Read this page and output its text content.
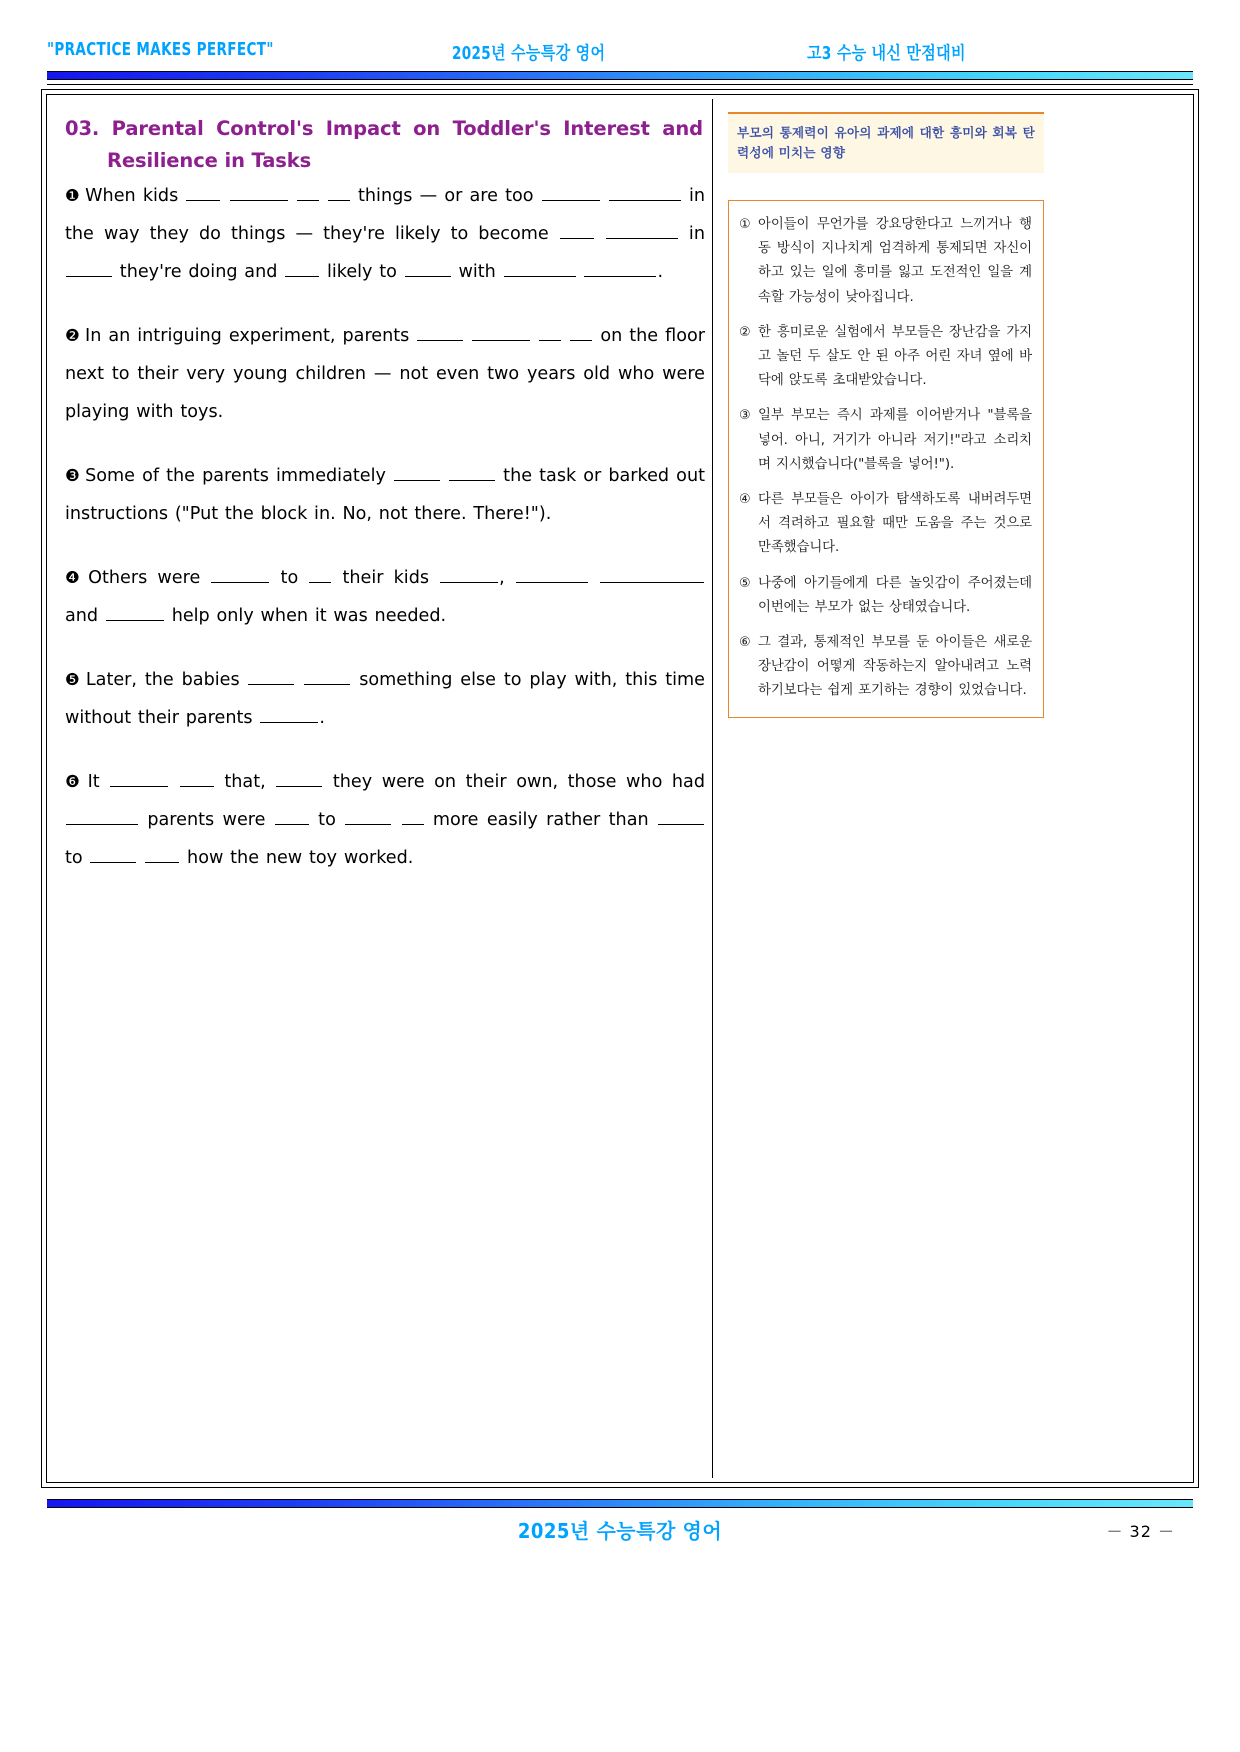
"PRACTICE MAKES PERFECT"	2025년 수능특강 영어	고3 수능 내신 만점대비
03. Parental Control's Impact on Toddler's Interest and
Resilience in Tasks
❶ When kids	things — or are too	in the way they do things — they're likely to become	in  they're doing and  likely to	with	.
❷ In an intriguing experiment, parents	on the floor next to their very young children — not even two years old who were playing with toys.
❸ Some of the parents immediately	the task or barked out instructions ("Put the block in. No, not there. There!").
❹ Others were	to  their kids	,   and	help only when it was needed.
❺ Later, the babies	something else to play with, this time without their parents	.
❻ It	that,	they were on their own, those who had  parents were  to	more easily rather than  to	how the new toy worked.
부모의 통제력이 유아의 과제에 대한 흥미와 회복 탄력성에 미치는 영향
① 아이들이 무언가를 강요당한다고 느끼거나 행동 방식이 지나치게 엄격하게 통제되면 자신이 하고 있는 일에 흥미를 잃고 도전적인 일을 계속할 가능성이 낮아집니다.
② 한 흥미로운 실험에서 부모들은 장난감을 가지고 놀던 두 살도 안 된 아주 어린 자녀 옆에 바닥에 앉도록 초대받았습니다.
③ 일부 부모는 즉시 과제를 이어받거나 "블록을 넣어. 아니, 거기가 아니라 저기!"라고 소리치며 지시했습니다("블록을 넣어!").
④ 다른 부모들은 아이가 탐색하도록 내버려두면서 격려하고 필요할 때만 도움을 주는 것으로 만족했습니다.
⑤ 나중에 아기들에게 다른 놀잇감이 주어졌는데 이번에는 부모가 없는 상태였습니다.
⑥ 그 결과, 통제적인 부모를 둔 아이들은 새로운 장난감이 어떻게 작동하는지 알아내려고 노력하기보다는 쉽게 포기하는 경향이 있었습니다.
2025년 수능특강 영어	－ 32 －
